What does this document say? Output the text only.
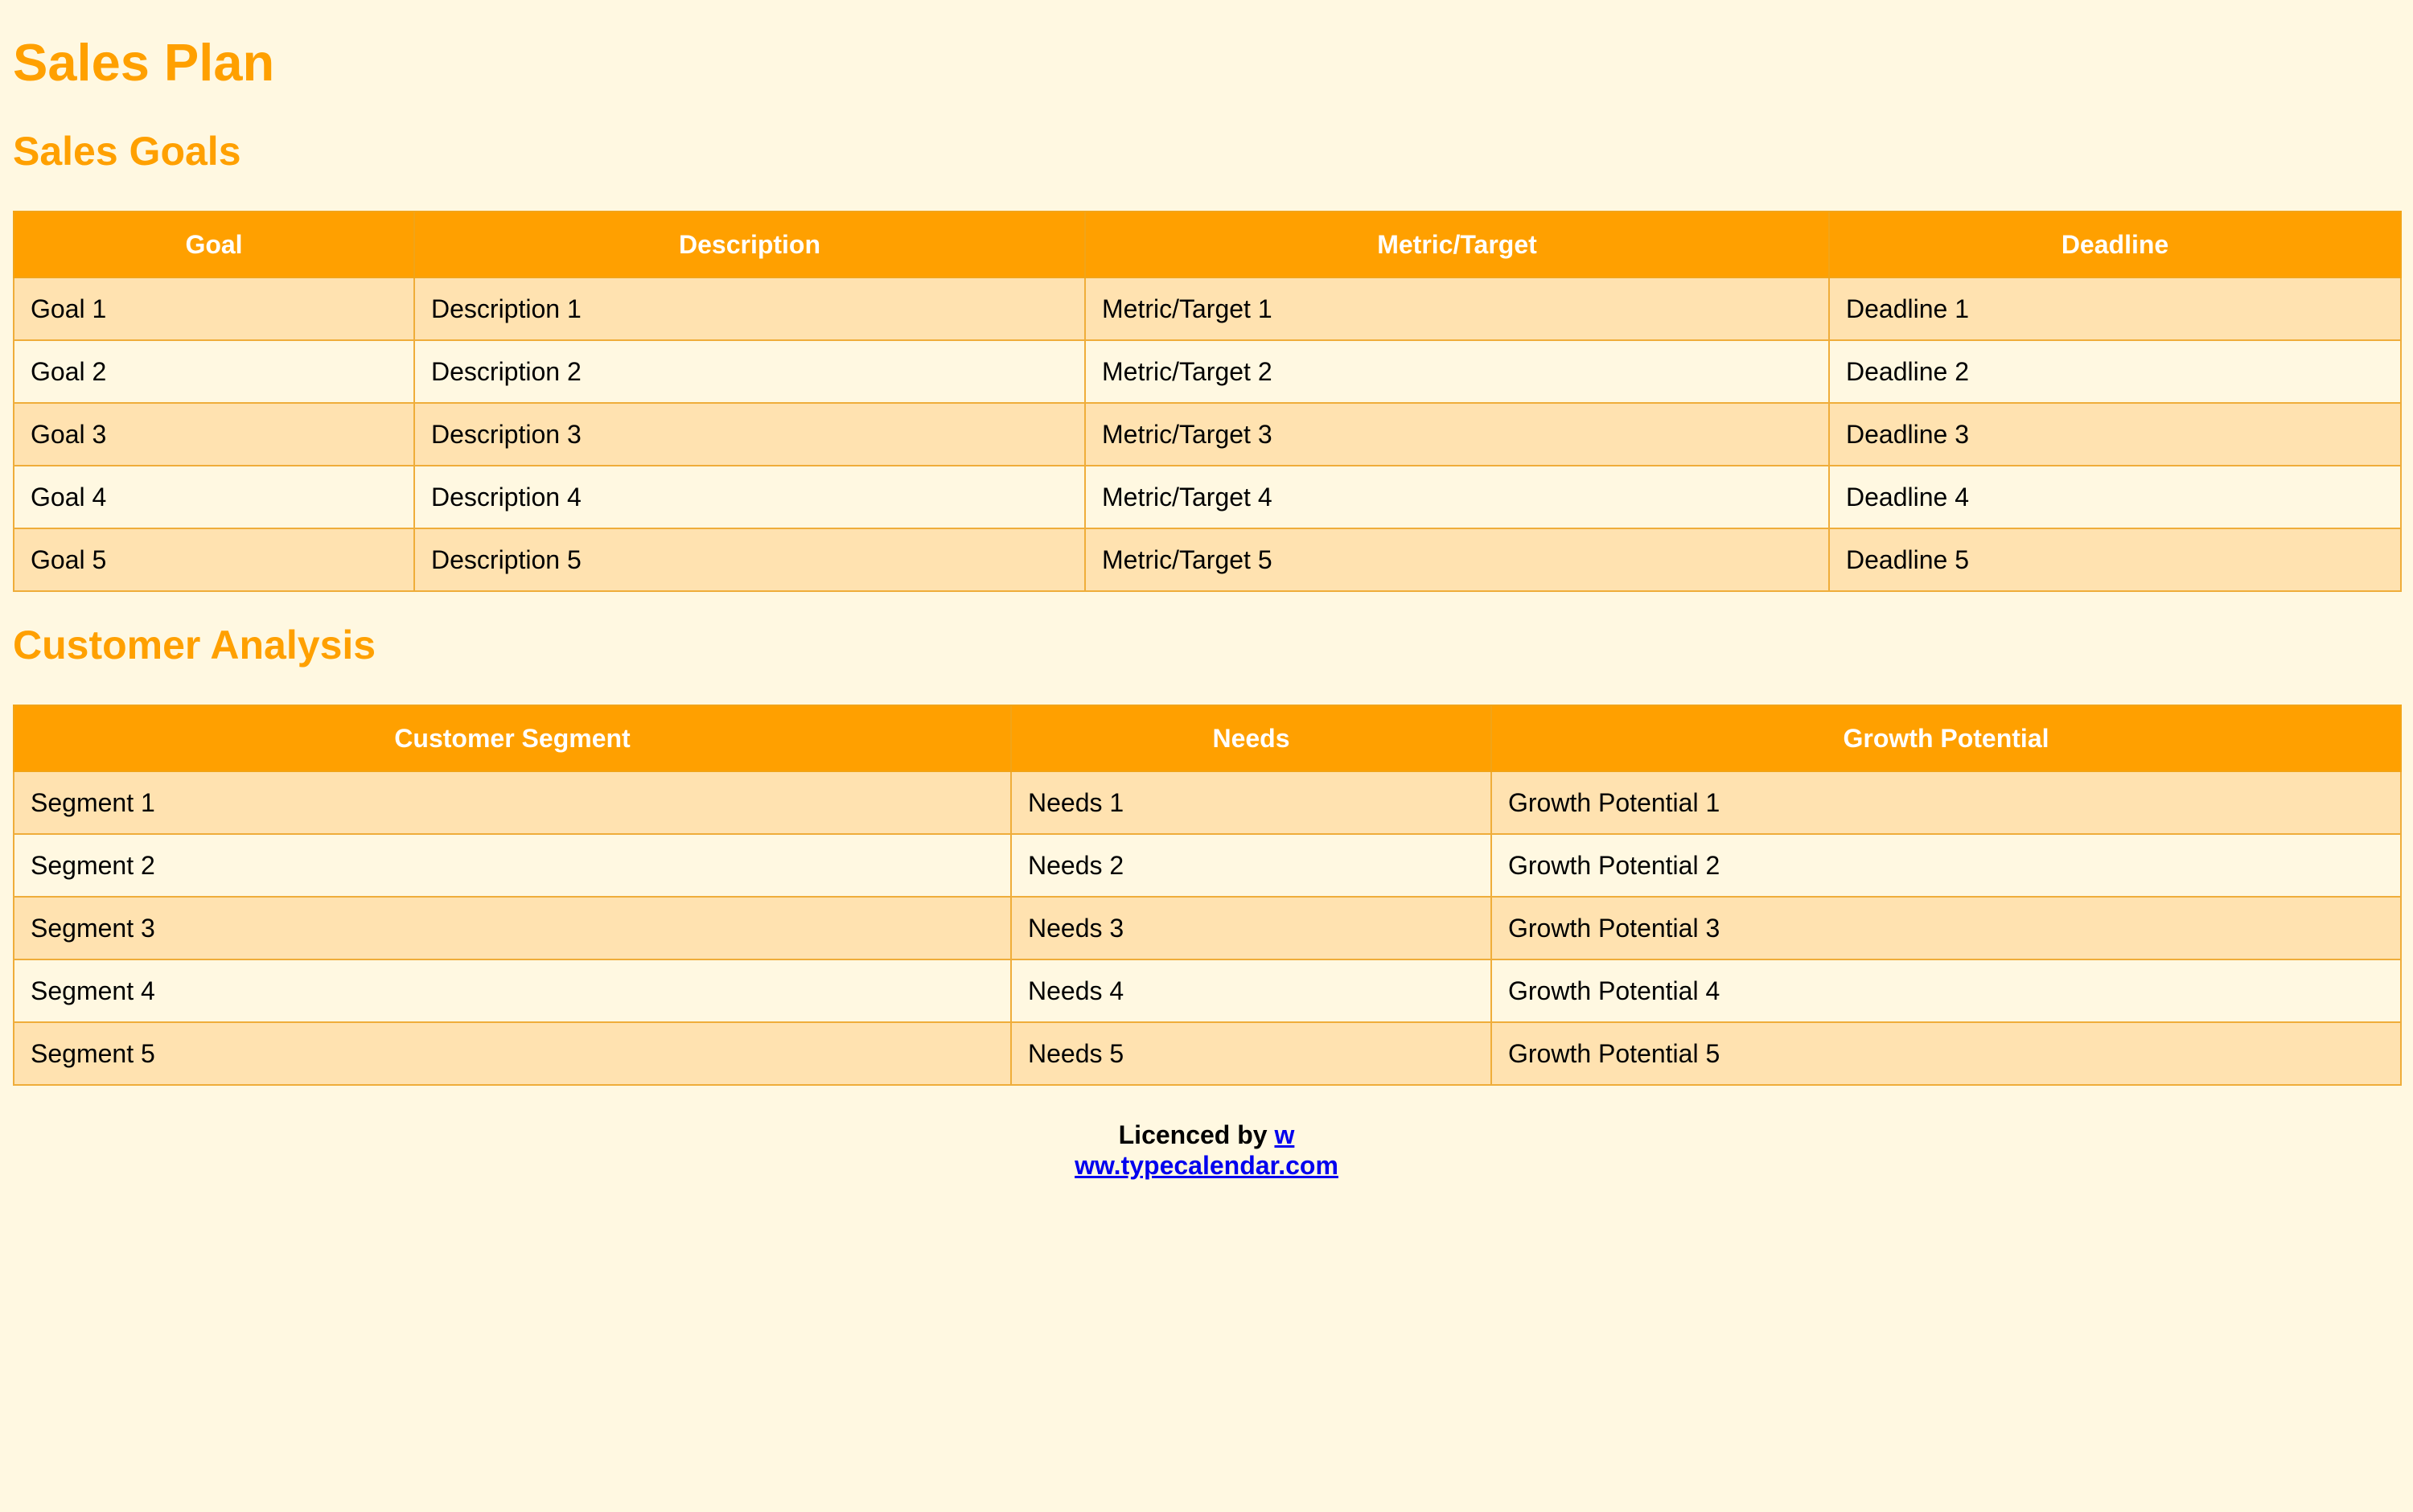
Sales Plan
Sales Goals
Goal	Description	Metric/Target	Deadline
Goal 1	Description 1	Metric/Target 1	Deadline 1
Goal 2	Description 2	Metric/Target 2	Deadline 2
Goal 3	Description 3	Metric/Target 3	Deadline 3
Goal 4	Description 4	Metric/Target 4	Deadline 4
Goal 5	Description 5	Metric/Target 5	Deadline 5
Customer Analysis
Customer Segment	Needs	Growth Potential
Segment 1	Needs 1	Growth Potential 1
Segment 2	Needs 2	Growth Potential 2
Segment 3	Needs 3	Growth Potential 3
Segment 4	Needs 4	Growth Potential 4
Segment 5	Needs 5	Growth Potential 5
Licenced by w
ww.typecalendar.com
